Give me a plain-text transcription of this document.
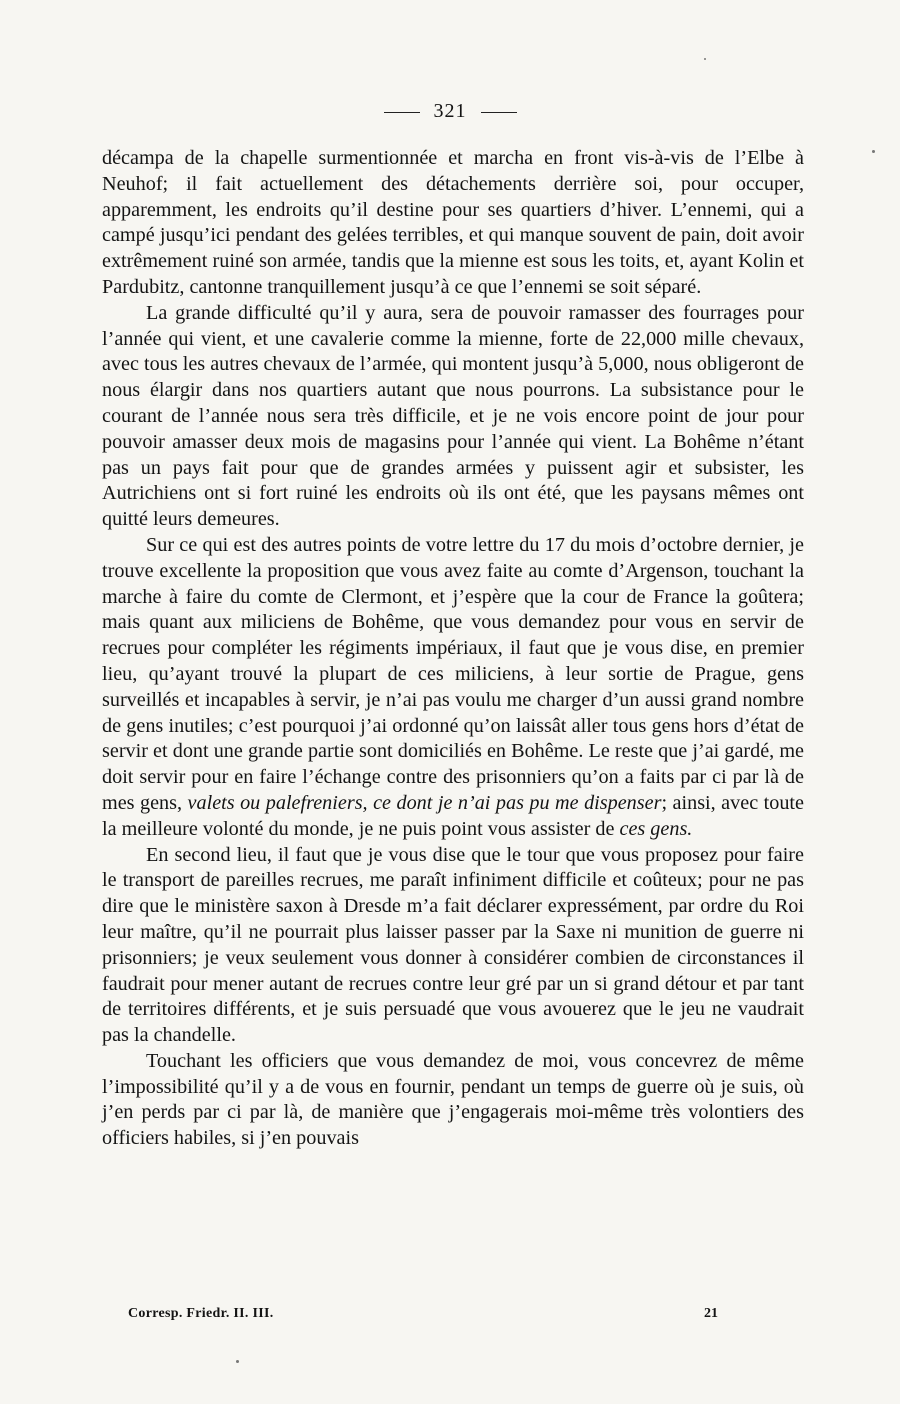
321

décampa de la chapelle surmentionnée et marcha en front vis-à-vis de l’Elbe à Neuhof; il fait actuellement des détachements derrière soi, pour occuper, apparemment, les endroits qu’il destine pour ses quartiers d’hiver. L’ennemi, qui a campé jusqu’ici pendant des gelées terribles, et qui manque souvent de pain, doit avoir extrêmement ruiné son armée, tandis que la mienne est sous les toits, et, ayant Kolin et Pardubitz, cantonne tranquillement jusqu’à ce que l’ennemi se soit séparé.

La grande difficulté qu’il y aura, sera de pouvoir ramasser des fourrages pour l’année qui vient, et une cavalerie comme la mienne, forte de 22,000 mille chevaux, avec tous les autres chevaux de l’armée, qui montent jusqu’à 5,000, nous obligeront de nous élargir dans nos quartiers autant que nous pourrons. La subsistance pour le courant de l’année nous sera très difficile, et je ne vois encore point de jour pour pouvoir amasser deux mois de magasins pour l’année qui vient. La Bohême n’étant pas un pays fait pour que de grandes armées y puissent agir et subsister, les Autrichiens ont si fort ruiné les endroits où ils ont été, que les paysans mêmes ont quitté leurs demeures.

Sur ce qui est des autres points de votre lettre du 17 du mois d’octobre dernier, je trouve excellente la proposition que vous avez faite au comte d’Argenson, touchant la marche à faire du comte de Clermont, et j’espère que la cour de France la goûtera; mais quant aux miliciens de Bohême, que vous demandez pour vous en servir de recrues pour compléter les régiments impériaux, il faut que je vous dise, en premier lieu, qu’ayant trouvé la plupart de ces miliciens, à leur sortie de Prague, gens surveillés et incapables à servir, je n’ai pas voulu me charger d’un aussi grand nombre de gens inutiles; c’est pourquoi j’ai ordonné qu’on laissât aller tous gens hors d’état de servir et dont une grande partie sont domiciliés en Bohême. Le reste que j’ai gardé, me doit servir pour en faire l’échange contre des prisonniers qu’on a faits par ci par là de mes gens, valets ou palefreniers, ce dont je n’ai pas pu me dispenser; ainsi, avec toute la meilleure volonté du monde, je ne puis point vous assister de ces gens.

En second lieu, il faut que je vous dise que le tour que vous proposez pour faire le transport de pareilles recrues, me paraît infiniment difficile et coûteux; pour ne pas dire que le ministère saxon à Dresde m’a fait déclarer expressément, par ordre du Roi leur maître, qu’il ne pourrait plus laisser passer par la Saxe ni munition de guerre ni prisonniers; je veux seulement vous donner à considérer combien de circonstances il faudrait pour mener autant de recrues contre leur gré par un si grand détour et par tant de territoires différents, et je suis persuadé que vous avouerez que le jeu ne vaudrait pas la chandelle.

Touchant les officiers que vous demandez de moi, vous concevrez de même l’impossibilité qu’il y a de vous en fournir, pendant un temps de guerre où je suis, où j’en perds par ci par là, de manière que j’engagerais moi-même très volontiers des officiers habiles, si j’en pouvais

Corresp. Friedr. II. III.	21
